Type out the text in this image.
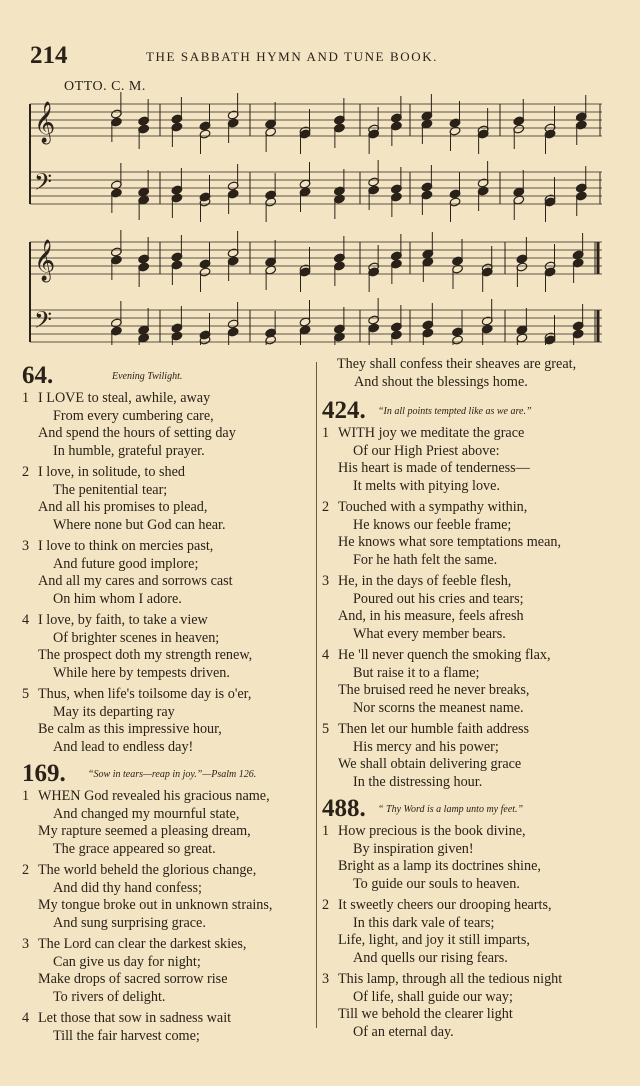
214	THE SABBATH HYMN AND TUNE BOOK.
OTTO. C. M.
𝄞
𝄢
𝄞
𝄢
64.	Evening Twilight.
1 I LOVE to steal, awhile, away
From every cumbering care,
And spend the hours of setting day
In humble, grateful prayer.
2 I love, in solitude, to shed
The penitential tear;
And all his promises to plead,
Where none but God can hear.
3 I love to think on mercies past,
And future good implore;
And all my cares and sorrows cast
On him whom I adore.
4 I love, by faith, to take a view
Of brighter scenes in heaven;
The prospect doth my strength renew,
While here by tempests driven.
5 Thus, when life's toilsome day is o'er,
May its departing ray
Be calm as this impressive hour,
And lead to endless day!
169. “Sow in tears—reap in joy.”—Psalm 126.
1 WHEN God revealed his gracious name,
And changed my mournful state,
My rapture seemed a pleasing dream,
The grace appeared so great.
2 The world beheld the glorious change,
And did thy hand confess;
My tongue broke out in unknown strains,
And sung surprising grace.
3 The Lord can clear the darkest skies,
Can give us day for night;
Make drops of sacred sorrow rise
To rivers of delight.
4 Let those that sow in sadness wait
Till the fair harvest come;
They shall confess their sheaves are great,
And shout the blessings home.
424. “In all points tempted like as we are.”
1 WITH joy we meditate the grace
Of our High Priest above:
His heart is made of tenderness—
It melts with pitying love.
2 Touched with a sympathy within,
He knows our feeble frame;
He knows what sore temptations mean,
For he hath felt the same.
3 He, in the days of feeble flesh,
Poured out his cries and tears;
And, in his measure, feels afresh
What every member bears.
4 He 'll never quench the smoking flax,
But raise it to a flame;
The bruised reed he never breaks,
Nor scorns the meanest name.
5 Then let our humble faith address
His mercy and his power;
We shall obtain delivering grace
In the distressing hour.
488. “ Thy Word is a lamp unto my feet.”
1 How precious is the book divine,
By inspiration given!
Bright as a lamp its doctrines shine,
To guide our souls to heaven.
2 It sweetly cheers our drooping hearts,
In this dark vale of tears;
Life, light, and joy it still imparts,
And quells our rising fears.
3 This lamp, through all the tedious night
Of life, shall guide our way;
Till we behold the clearer light
Of an eternal day.
